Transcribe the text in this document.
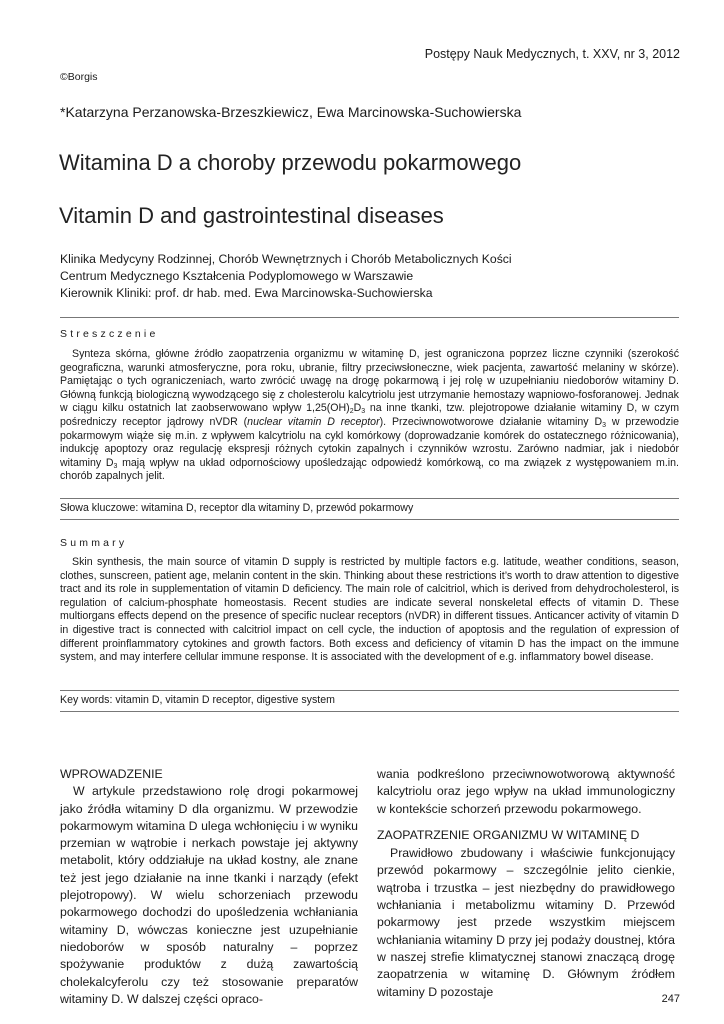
Postępy Nauk Medycznych, t. XXV, nr 3, 2012
©Borgis
*Katarzyna Perzanowska-Brzeszkiewicz, Ewa Marcinowska-Suchowierska
Witamina D a choroby przewodu pokarmowego
Vitamin D and gastrointestinal diseases
Klinika Medycyny Rodzinnej, Chorób Wewnętrznych i Chorób Metabolicznych Kości
Centrum Medycznego Kształcenia Podyplomowego w Warszawie
Kierownik Kliniki: prof. dr hab. med. Ewa Marcinowska-Suchowierska
Streszczenie

Synteza skórna, główne źródło zaopatrzenia organizmu w witaminę D, jest ograniczona poprzez liczne czynniki (szerokość geograficzna, warunki atmosferyczne, pora roku, ubranie, filtry przeciwsłoneczne, wiek pacjenta, zawartość melaniny w skórze). Pamiętając o tych ograniczeniach, warto zwrócić uwagę na drogę pokarmową i jej rolę w uzupełnianiu niedoborów witaminy D. Główną funkcją biologiczną wywodzącego się z cholesterolu kalcytriolu jest utrzymanie hemostazy wapniowo-fosforanowej. Jednak w ciągu kilku ostatnich lat zaobserwowano wpływ $1,25(OH)_2D_3$ na inne tkanki, tzw. plejotropowe działanie witaminy D, w czym pośredniczy receptor jądrowy nVDR (nuclear vitamin D receptor). Przeciwnowotworowe działanie witaminy $D_3$ w przewodzie pokarmowym wiąże się m.in. z wpływem kalcytriolu na cykl komórkowy (doprowadzanie komórek do ostatecznego różnicowania), indukcję apoptozy oraz regulację ekspresji różnych cytokin zapalnych i czynników wzrostu. Zarówno nadmiar, jak i niedobór witaminy $D_3$ mają wpływ na układ odpornościowy upośledzając odpowiedź komórkową, co ma związek z występowaniem m.in. chorób zapalnych jelit.

Słowa kluczowe: witamina D, receptor dla witaminy D, przewód pokarmowy
Summary

Skin synthesis, the main source of vitamin D supply is restricted by multiple factors e.g. latitude, weather conditions, season, clothes, sunscreen, patient age, melanin content in the skin. Thinking about these restrictions it’s worth to draw attention to digestive tract and its role in supplementation of vitamin D deficiency. The main role of calcitriol, which is derived from dehydrocholesterol, is regulation of calcium-phosphate homeostasis. Recent studies are indicate several nonskeletal effects of vitamin D. These multiorgans effects depend on the presence of specific nuclear receptors (nVDR) in different tissues. Anticancer activity of vitamin D in digestive tract is connected with calcitriol impact on cell cycle, the induction of apoptosis and the regulation of expression of different proinflammatory cytokines and growth factors. Both excess and deficiency of vitamin D has the impact on the immune system, and may interfere cellular immune response. It is associated with the development of e.g. inflammatory bowel disease.

Key words: vitamin D, vitamin D receptor, digestive system

WPROWADZENIE

W artykule przedstawiono rolę drogi pokarmowej jako źródła witaminy D dla organizmu. W przewodzie pokarmowym witamina D ulega wchłonięciu i w wyniku przemian w wątrobie i nerkach powstaje jej aktywny metabolit, który oddziałuje na układ kostny, ale znane też jest jego działanie na inne tkanki i narządy (efekt plejotropowy). W wielu schorzeniach przewodu pokarmowego dochodzi do upośledzenia wchłaniania witaminy D, wówczas konieczne jest uzupełnianie niedoborów w sposób naturalny – poprzez spożywanie produktów z dużą zawartością cholekalcyferolu czy też stosowanie preparatów witaminy D. W dalszej części opraco-

wania podkreślono przeciwnowotworową aktywność kalcytriolu oraz jego wpływ na układ immunologiczny w kontekście schorzeń przewodu pokarmowego.

ZAOPATRZENIE ORGANIZMU W WITAMINĘ D

Prawidłowo zbudowany i właściwie funkcjonujący przewód pokarmowy – szczególnie jelito cienkie, wątroba i trzustka – jest niezbędny do prawidłowego wchłaniania i metabolizmu witaminy D. Przewód pokarmowy jest przede wszystkim miejscem wchłaniania witaminy D przy jej podaży doustnej, która w naszej strefie klimatycznej stanowi znaczącą drogę zaopatrzenia w witaminę D. Głównym źródłem witaminy D pozostaje

247
